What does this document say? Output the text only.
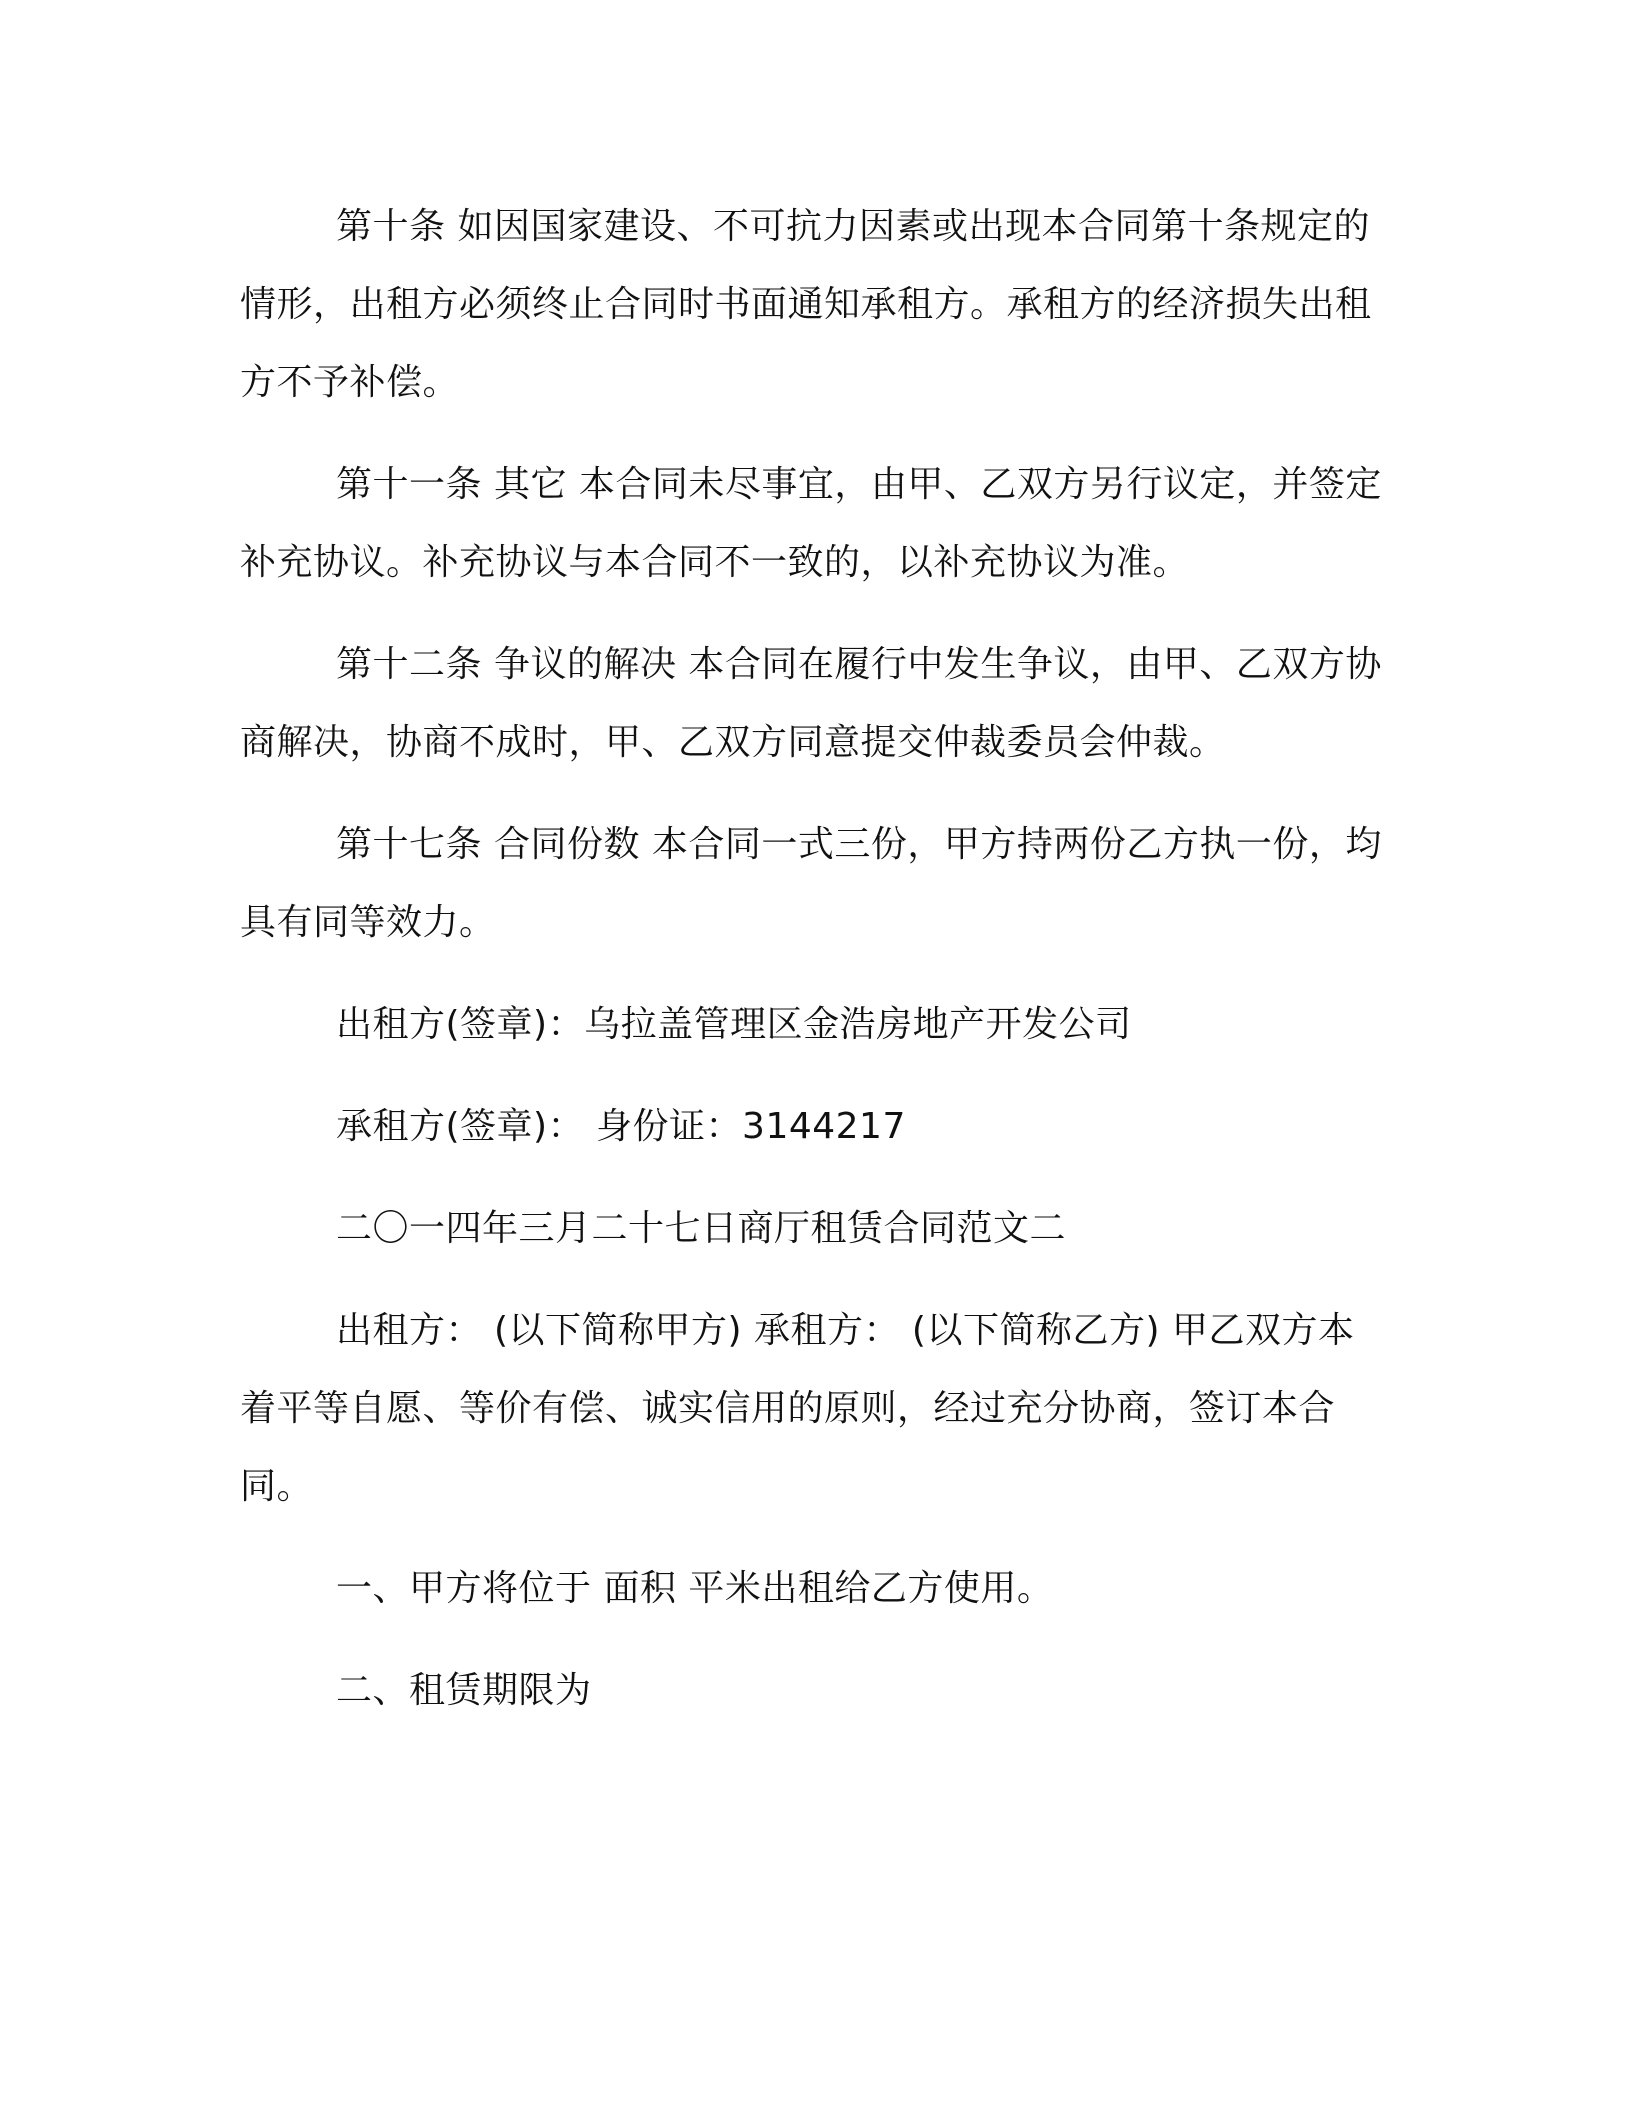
第十条 如因国家建设、不可抗力因素或出现本合同第十条规定的情形，出租方必须终止合同时书面通知承租方。承租方的经济损失出租方不予补偿。

第十一条 其它 本合同未尽事宜，由甲、乙双方另行议定，并签定补充协议。补充协议与本合同不一致的，以补充协议为准。

第十二条 争议的解决 本合同在履行中发生争议，由甲、乙双方协商解决，协商不成时，甲、乙双方同意提交仲裁委员会仲裁。

第十七条 合同份数 本合同一式三份，甲方持两份乙方执一份，均具有同等效力。

出租方(签章)：乌拉盖管理区金浩房地产开发公司

承租方(签章)： 身份证：3144217

二〇一四年三月二十七日商厅租赁合同范文二

出租方： (以下简称甲方) 承租方： (以下简称乙方) 甲乙双方本着平等自愿、等价有偿、诚实信用的原则，经过充分协商，签订本合同。

一、甲方将位于 面积 平米出租给乙方使用。

二、租赁期限为
